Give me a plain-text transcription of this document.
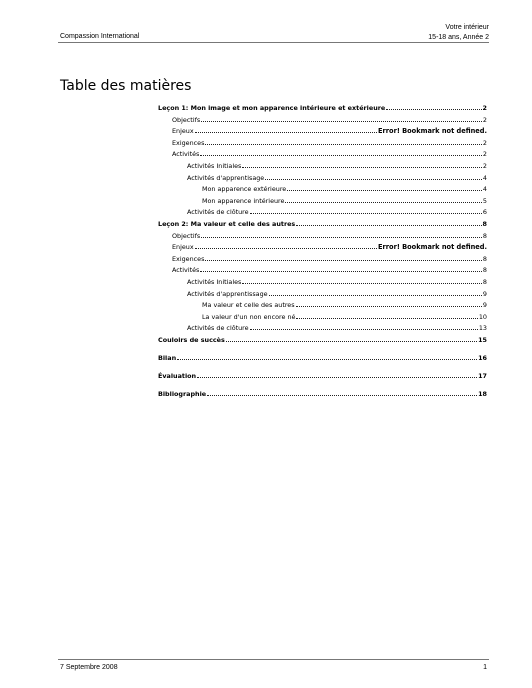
Compassion International
Votre intérieur
15-18 ans, Année 2
Table des matières
Leçon 1: Mon image et mon apparence intérieure et extérieure	2
Objectifs	2
Enjeux	Error! Bookmark not defined.
Exigences	2
Activités	2
Activités Initiales	2
Activités d'apprentisage	4
Mon apparence extérieure	4
Mon apparence intérieure	5
Activités de clôture	6
Leçon 2: Ma valeur et celle des autres	8
Objectifs	8
Enjeux	Error! Bookmark not defined.
Exigences	8
Activités	8
Activités Initiales	8
Activités d'apprentissage	9
Ma valeur et celle des autres	9
La valeur d'un non encore né	10
Activités de clôture	13
Couloirs de succès	15
Bilan	16
Évaluation	17
Bibliographie	18
7 Septembre 2008	1
